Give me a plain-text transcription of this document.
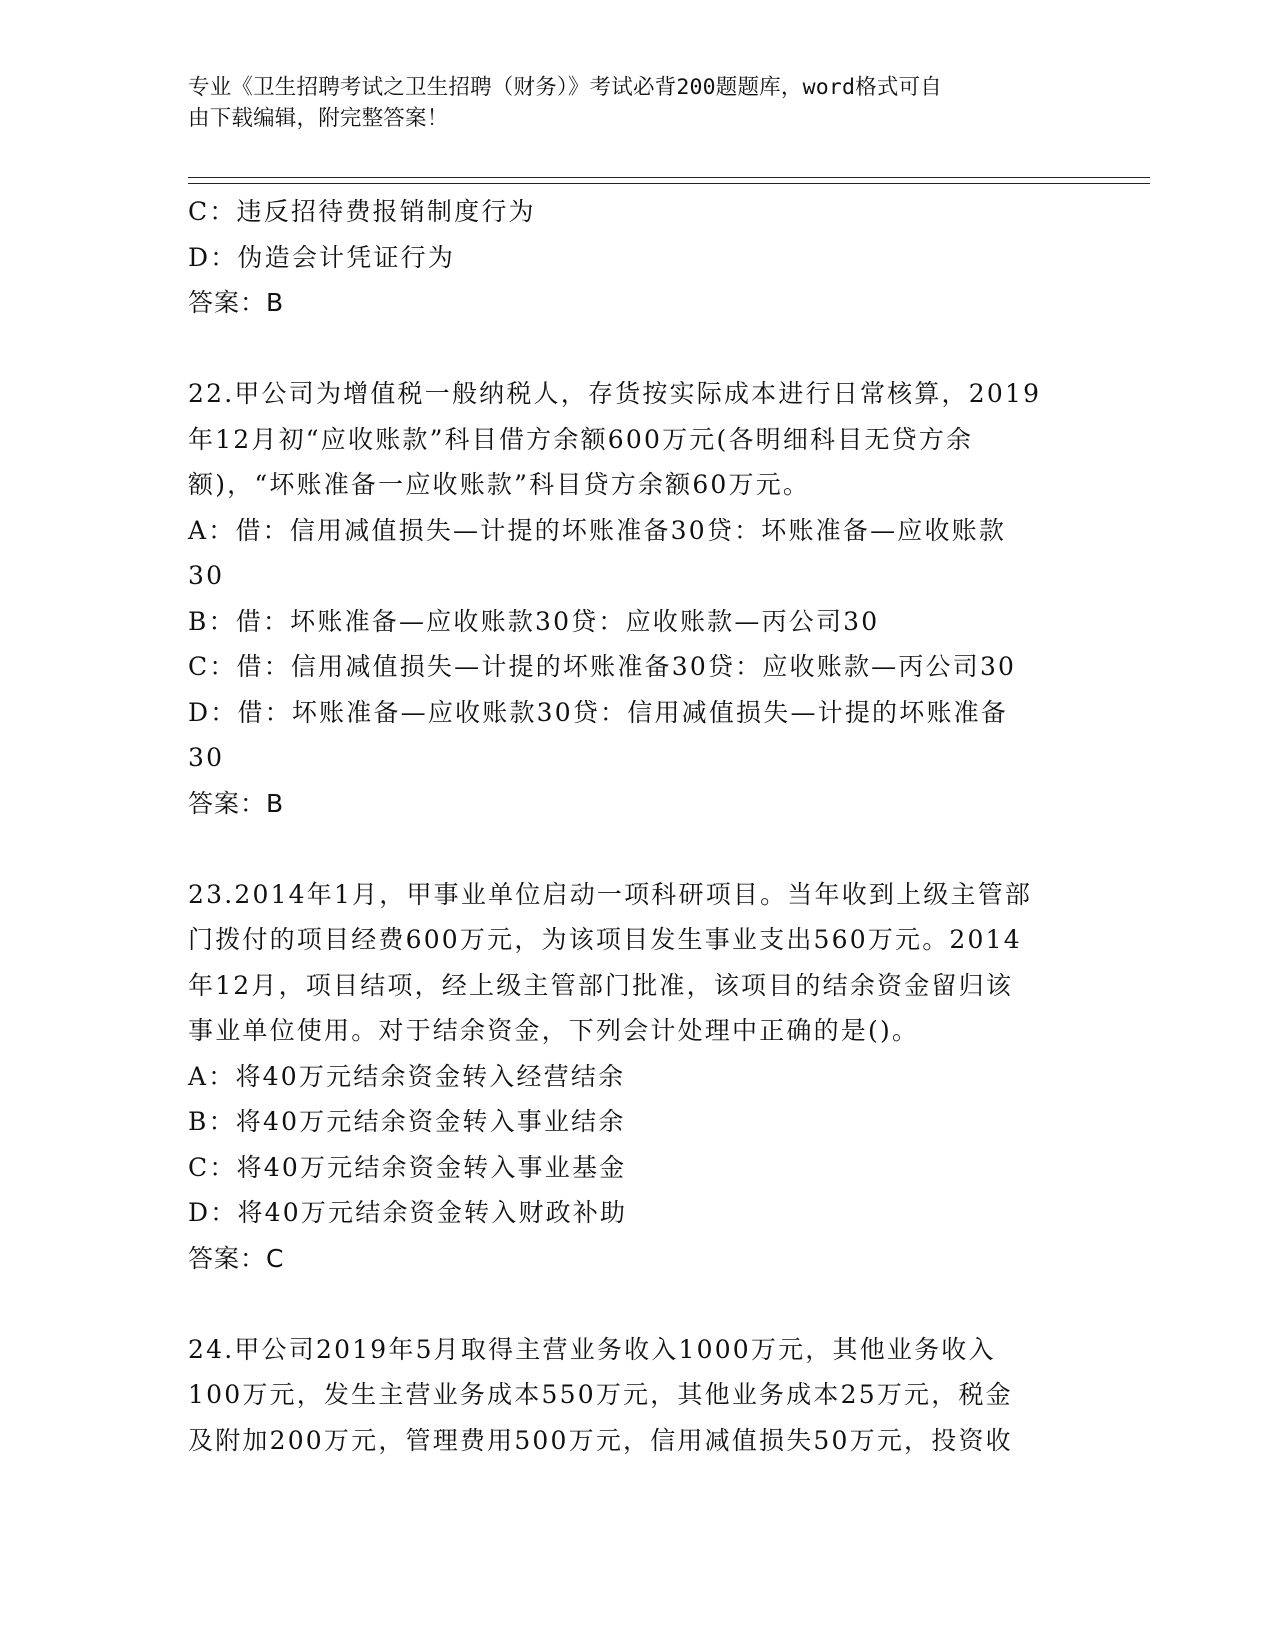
专业《卫生招聘考试之卫生招聘（财务）》考试必背200题题库，word格式可自
由下载编辑，附完整答案！
C：违反招待费报销制度行为
D：伪造会计凭证行为
答案：B
22.甲公司为增值税一般纳税人，存货按实际成本进行日常核算，2019
年12月初“应收账款”科目借方余额600万元(各明细科目无贷方余
额)，“坏账准备一应收账款”科目贷方余额60万元。
A：借：信用减值损失—计提的坏账准备30贷：坏账准备—应收账款
30
B：借：坏账准备—应收账款30贷：应收账款—丙公司30
C：借：信用减值损失—计提的坏账准备30贷：应收账款—丙公司30
D：借：坏账准备—应收账款30贷：信用减值损失—计提的坏账准备
30
答案：B
23.2014年1月，甲事业单位启动一项科研项目。当年收到上级主管部
门拨付的项目经费600万元，为该项目发生事业支出560万元。2014
年12月，项目结项，经上级主管部门批准，该项目的结余资金留归该
事业单位使用。对于结余资金，下列会计处理中正确的是()。
A：将40万元结余资金转入经营结余
B：将40万元结余资金转入事业结余
C：将40万元结余资金转入事业基金
D：将40万元结余资金转入财政补助
答案：C
24.甲公司2019年5月取得主营业务收入1000万元，其他业务收入
100万元，发生主营业务成本550万元，其他业务成本25万元，税金
及附加200万元，管理费用500万元，信用减值损失50万元，投资收
